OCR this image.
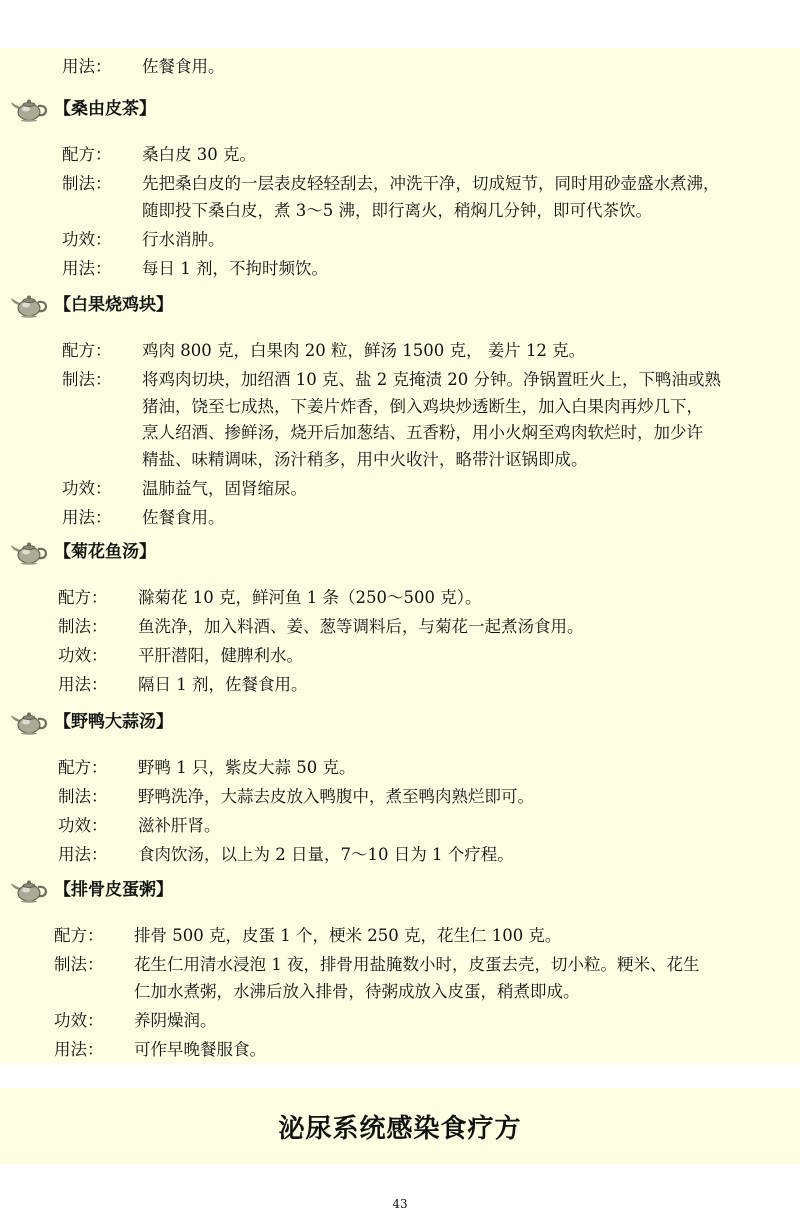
用法： 佐餐食用。
【桑由皮茶】
配方： 桑白皮 30 克。
制法： 先把桑白皮的一层表皮轻轻刮去，冲洗干净，切成短节，同时用砂壶盛水煮沸，
随即投下桑白皮，煮 3～5 沸，即行离火，稍焖几分钟，即可代茶饮。
功效： 行水消肿。
用法： 每日 1 剂，不拘时频饮。
【白果烧鸡块】
配方： 鸡肉 800 克，白果肉 20 粒，鲜汤 1500 克， 姜片 12 克。
制法： 将鸡肉切块，加绍酒 10 克、盐 2 克掩渍 20 分钟。净锅置旺火上，下鸭油或熟
猪油，饶至七成热，下姜片炸香，倒入鸡块炒透断生，加入白果肉再炒几下，
烹人绍酒、掺鲜汤，烧开后加葱结、五香粉，用小火焖至鸡肉软烂时，加少许
精盐、味精调味，汤汁稍多，用中火收汁，略带汁讴锅即成。
功效： 温肺益气，固肾缩尿。
用法： 佐餐食用。
【菊花鱼汤】
配方： 滁菊花 10 克，鲜河鱼 1 条（250～500 克）。
制法： 鱼洗净，加入料酒、姜、葱等调料后，与菊花一起煮汤食用。
功效： 平肝潜阳，健脾利水。
用法： 隔日 1 剂，佐餐食用。
【野鸭大蒜汤】
配方： 野鸭 1 只，紫皮大蒜 50 克。
制法： 野鸭洗净，大蒜去皮放入鸭腹中，煮至鸭肉熟烂即可。
功效： 滋补肝肾。
用法： 食肉饮汤，以上为 2 日量，7～10 日为 1 个疗程。
【排骨皮蛋粥】
配方： 排骨 500 克，皮蛋 1 个，梗米 250 克，花生仁 100 克。
制法： 花生仁用清水浸泡 1 夜，排骨用盐腌数小时，皮蛋去壳，切小粒。粳米、花生
仁加水煮粥，水沸后放入排骨，待粥成放入皮蛋，稍煮即成。
功效： 养阴燥润。
用法： 可作早晚餐服食。
泌尿系统感染食疗方
43
